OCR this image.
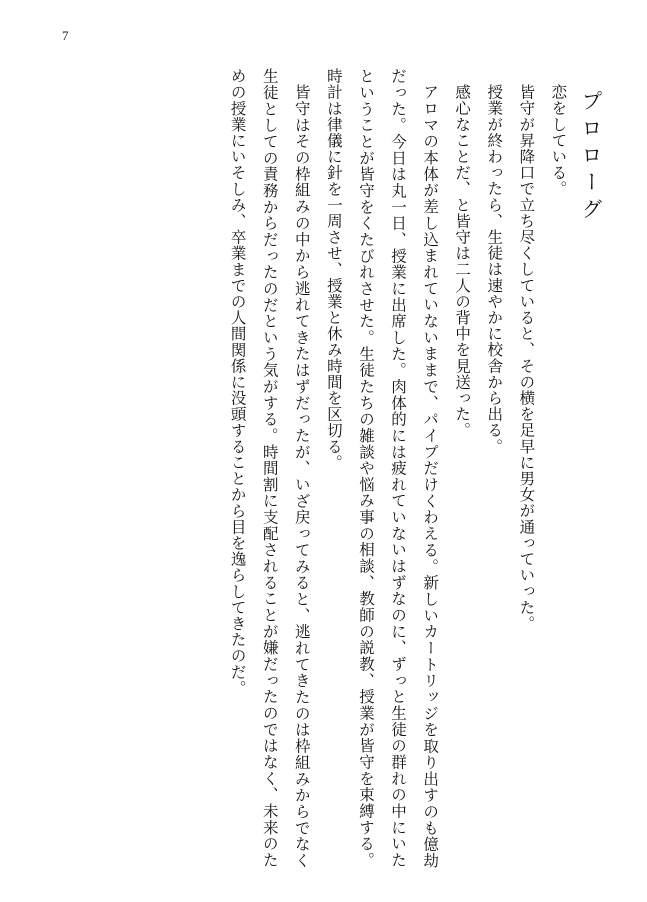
7
プロローグ
恋をしている。
皆守が昇降口で立ち尽くしていると、その横を足早に男女が通っていった。
授業が終わったら、生徒は速やかに校舎から出る。
感心なことだ、と皆守は二人の背中を見送った。
アロマの本体が差し込まれていないままで、パイプだけくわえる。新しいカートリッジを取り出すのも億劫だった。今日は丸一日、授業に出席した。肉体的には疲れていないはずなのに、ずっと生徒の群れの中にいたということが皆守をくたびれさせた。生徒たちの雑談や悩み事の相談、教師の説教、授業が皆守を束縛する。時計は律儀に針を一周させ、授業と休み時間を区切る。
皆守はその枠組みの中から逃れてきたはずだったが、いざ戻ってみると、逃れてきたのは枠組みからでなく生徒としての責務からだったのだという気がする。時間割に支配されることが嫌だったのではなく、未来のための授業にいそしみ、卒業までの人間関係に没頭することから目を逸らしてきたのだ。
